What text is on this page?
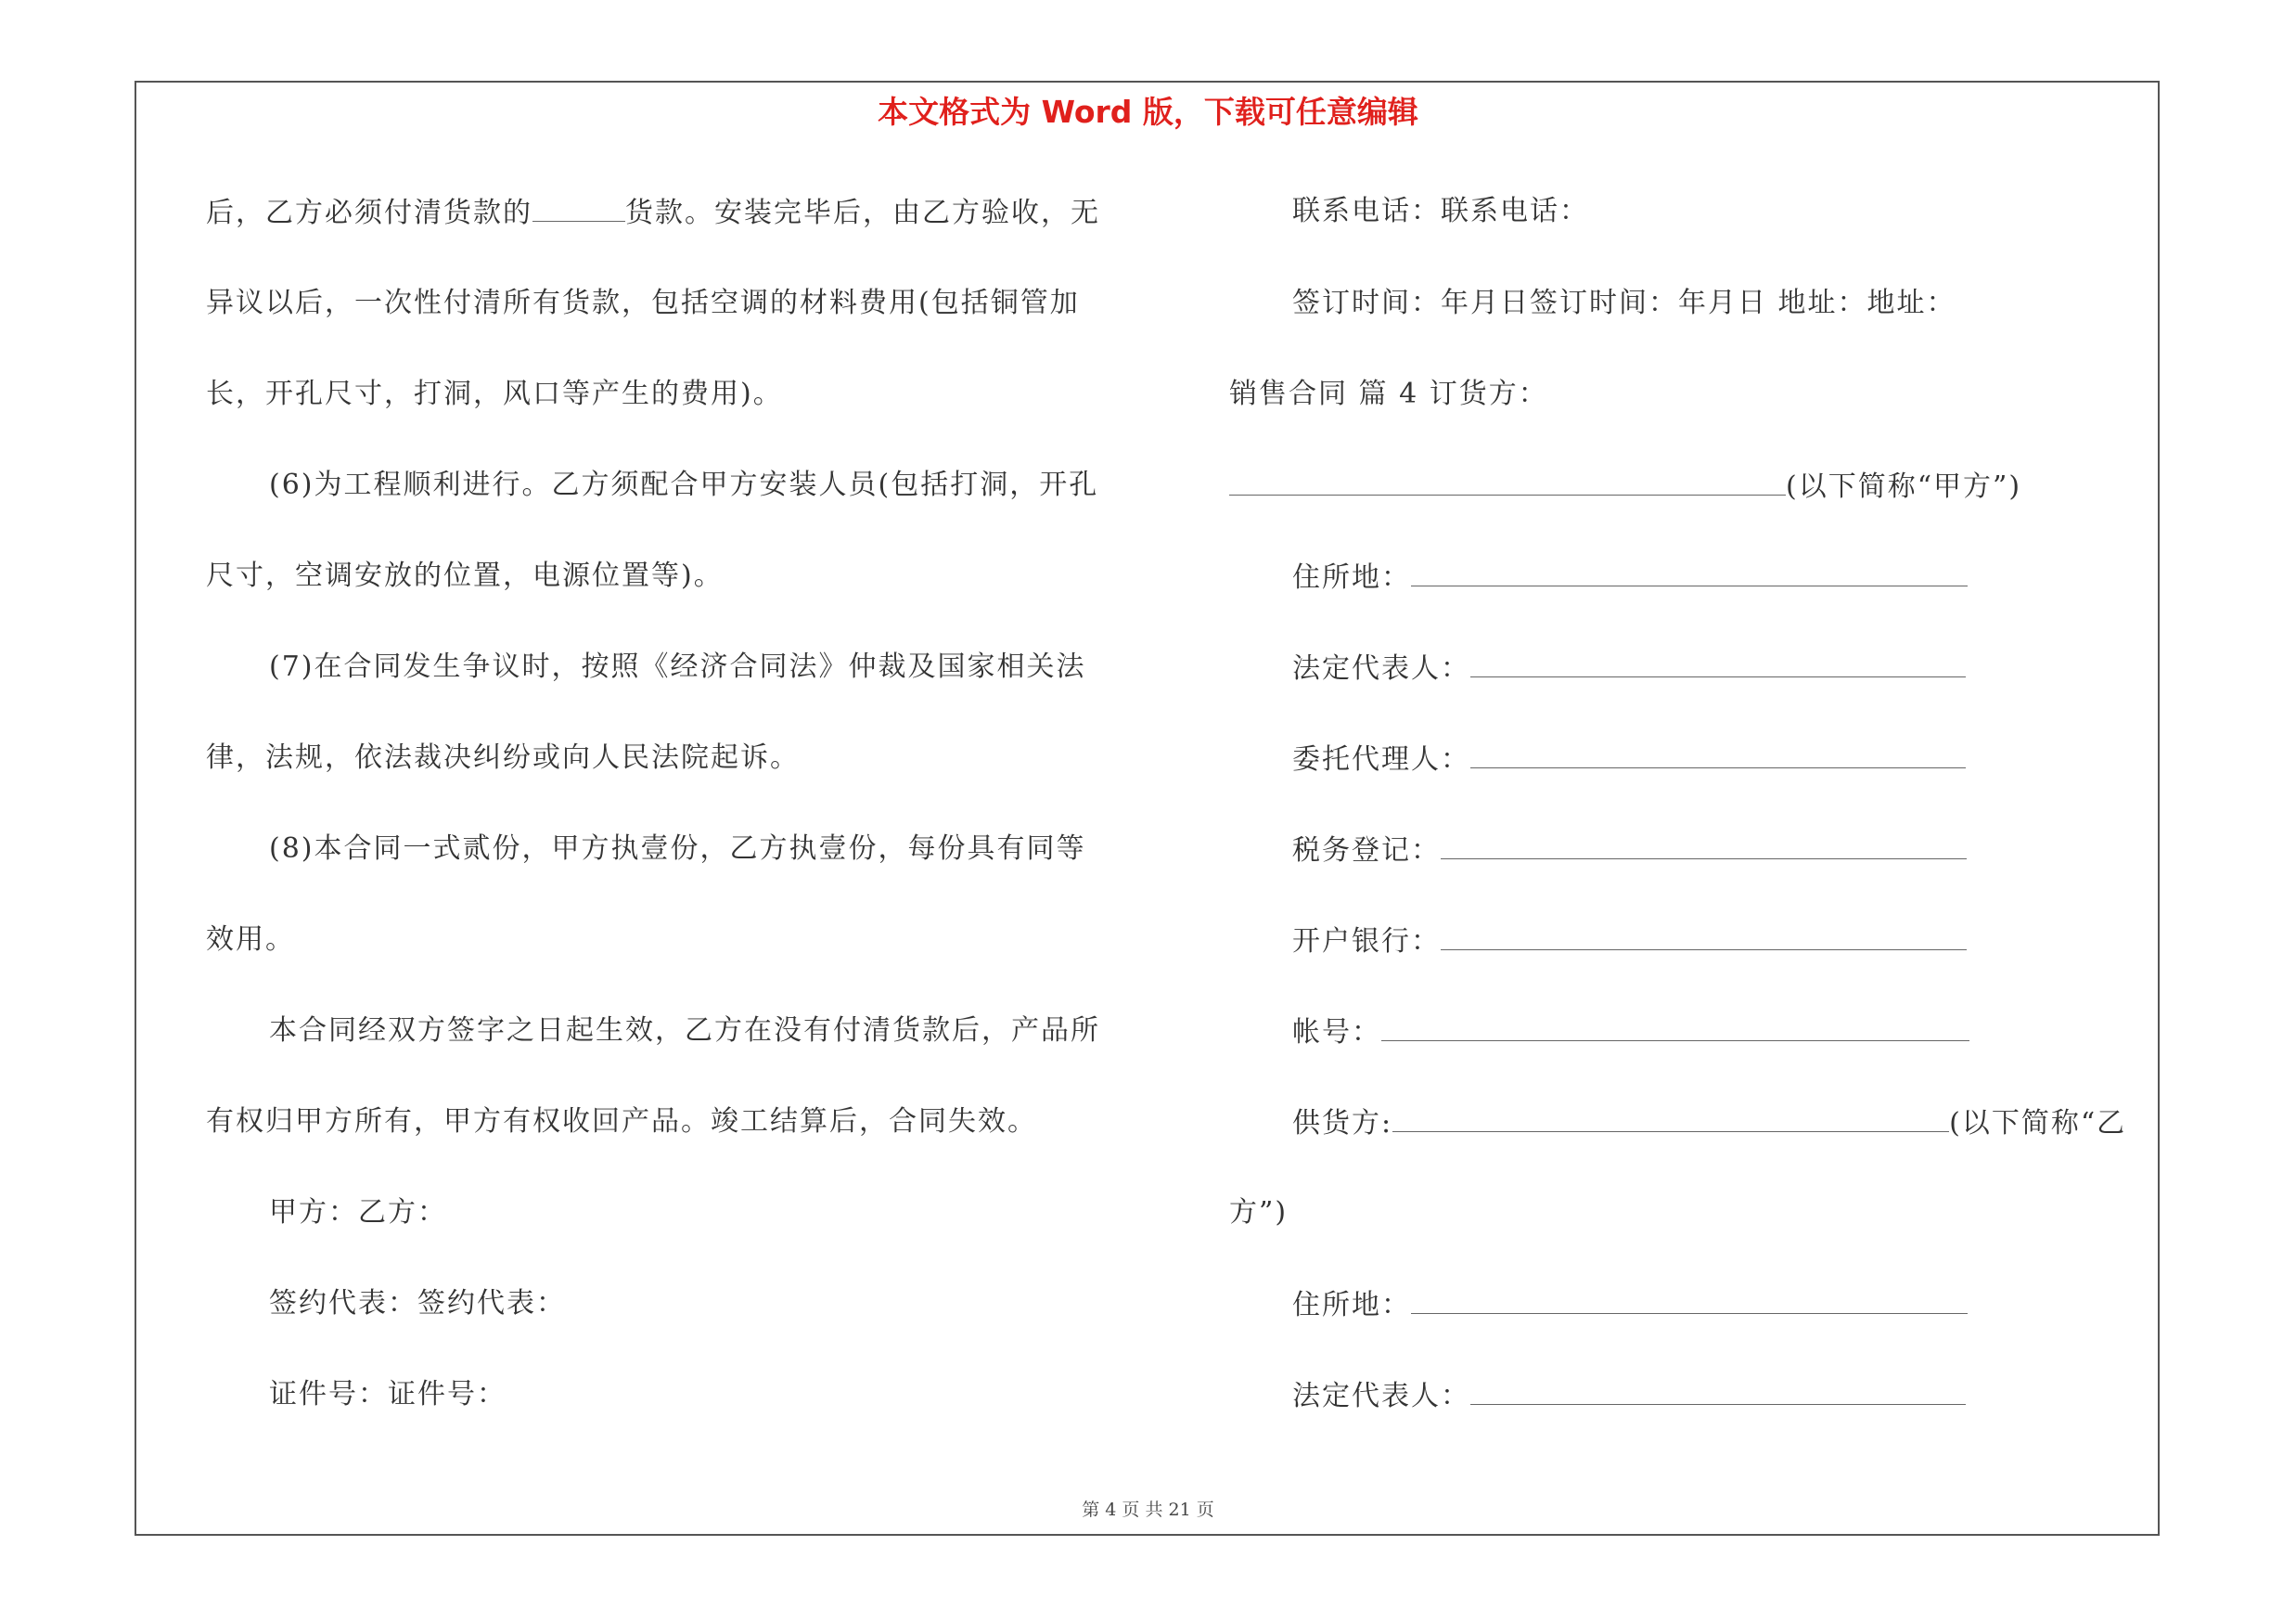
本文格式为 Word 版，下载可任意编辑
后，乙方必须付清货款的	货款。安装完毕后，由乙方验收，无
异议以后，一次性付清所有货款，包括空调的材料费用(包括铜管加
长，开孔尺寸，打洞，风口等产生的费用)。
(6)为工程顺利进行。乙方须配合甲方安装人员(包括打洞，开孔
尺寸，空调安放的位置，电源位置等)。
(7)在合同发生争议时，按照《经济合同法》仲裁及国家相关法
律，法规，依法裁决纠纷或向人民法院起诉。
(8)本合同一式贰份，甲方执壹份，乙方执壹份，每份具有同等
效用。
本合同经双方签字之日起生效，乙方在没有付清货款后，产品所
有权归甲方所有，甲方有权收回产品。竣工结算后，合同失效。
甲方：乙方：
签约代表：签约代表：
证件号：证件号：
联系电话：联系电话：
签订时间：年月日签订时间：年月日 地址：地址：
销售合同 篇 4 订货方：
(以下简称“甲方”)
住所地：
法定代表人：
委托代理人：
税务登记：
开户银行：
帐号：
供货方:	(以下简称“乙
方”)
住所地：
法定代表人：
第 4 页 共 21 页
